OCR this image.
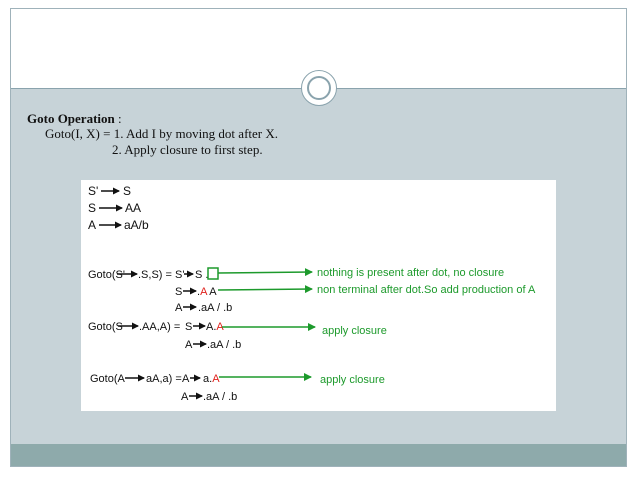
Goto Operation :
Goto(I, X) = 1. Add I by moving dot after X.
2. Apply closure to first step.
S' S
S AA
A aA/b
Goto(S' .S,S) = S' S .
S .A A
A .aA / .b
Goto(S .AA,A) = S A.A
A .aA / .b
Goto(A aA,a) = A a.A
A .aA / .b
nothing is present after dot, no closure
non terminal after dot.So add production of A
apply closure
apply closure
